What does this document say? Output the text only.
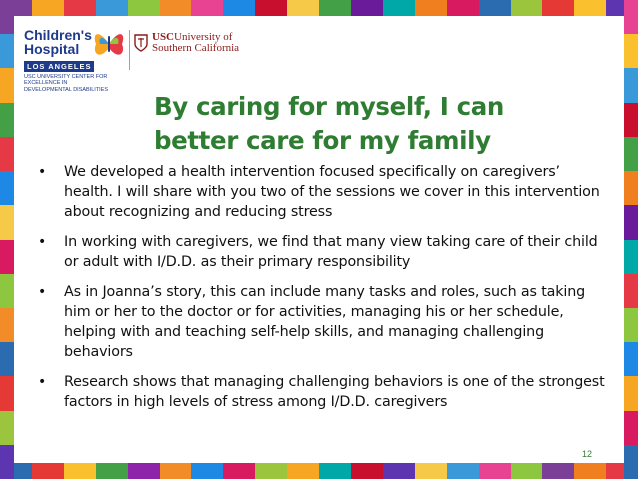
Children's
Hospital
LOS ANGELES
USC UNIVERSITY CENTER FOR EXCELLENCE IN DEVELOPMENTAL DISABILITIES
USCUniversity of
Southern California
By caring for myself, I can
better care for my family
• We developed a health intervention focused specifically on caregivers’ health. I will share with you two of the sessions we cover in this intervention about recognizing and reducing stress
• In working with caregivers, we find that many view taking care of their child or adult with I/D.D. as their primary responsibility
• As in Joanna’s story, this can include many tasks and roles, such as taking him or her to the doctor or for activities, managing his or her schedule, helping with and teaching self-help skills, and managing challenging behaviors
• Research shows that managing challenging behaviors is one of the strongest factors in high levels of stress among I/D.D. caregivers
12
